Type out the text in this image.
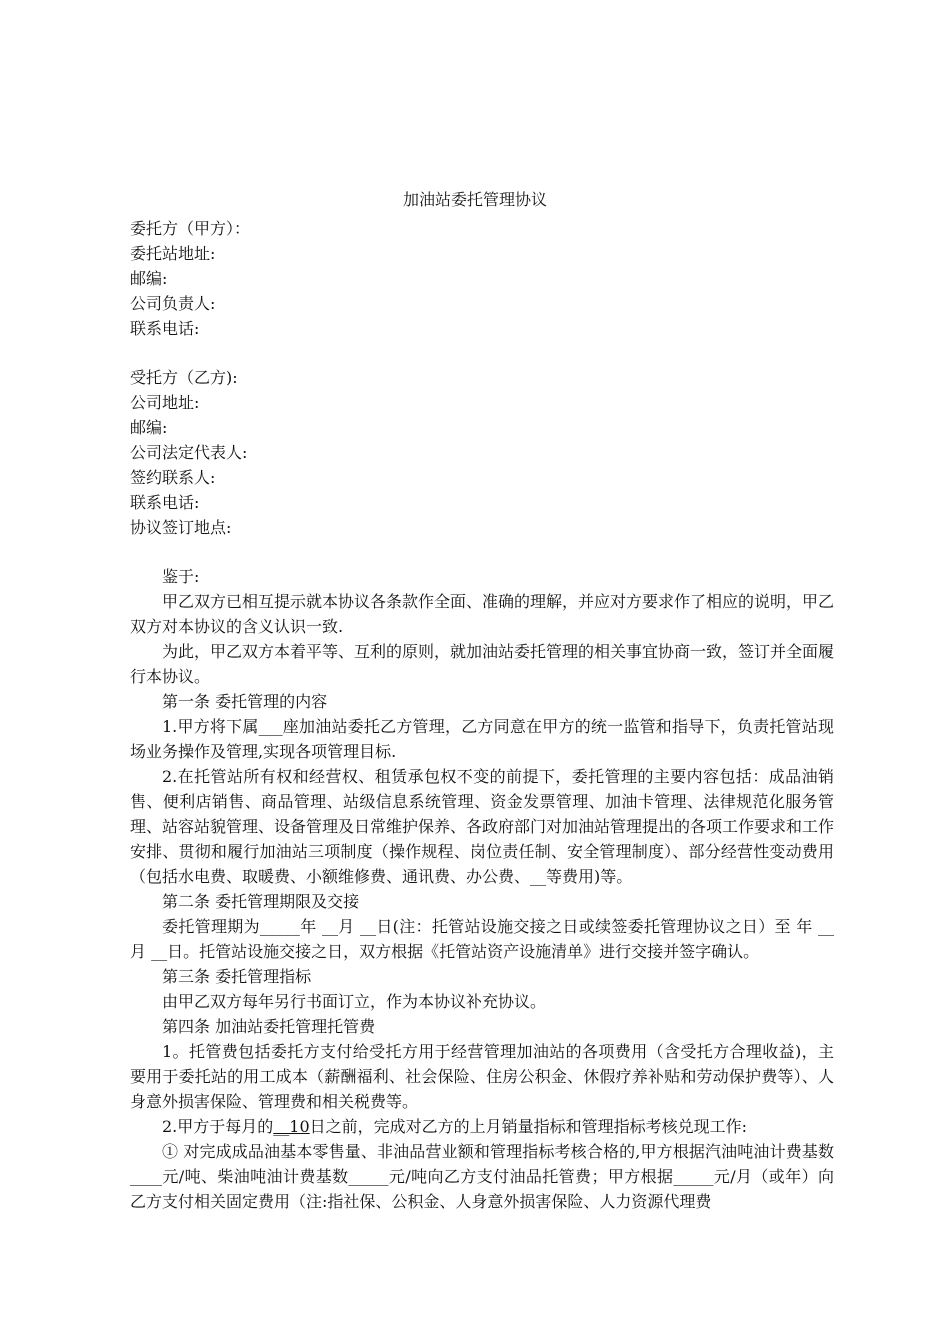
加油站委托管理协议

委托方（甲方）：

委托站地址:

邮编:

公司负责人:

联系电话:

受托方（乙方):

公司地址:

邮编:

公司法定代表人:

签约联系人:

联系电话:

协议签订地点:

鉴于:

甲乙双方已相互提示就本协议各条款作全面、准确的理解，并应对方要求作了相应的说明，甲乙双方对本协议的含义认识一致.

为此，甲乙双方本着平等、互利的原则，就加油站委托管理的相关事宜协商一致，签订并全面履行本协议。

第一条 委托管理的内容

1.甲方将下属___座加油站委托乙方管理，乙方同意在甲方的统一监管和指导下，负责托管站现场业务操作及管理,实现各项管理目标.

2.在托管站所有权和经营权、租赁承包权不变的前提下，委托管理的主要内容包括：成品油销售、便利店销售、商品管理、站级信息系统管理、资金发票管理、加油卡管理、法律规范化服务管理、站容站貌管理、设备管理及日常维护保养、各政府部门对加油站管理提出的各项工作要求和工作安排、贯彻和履行加油站三项制度（操作规程、岗位责任制、安全管理制度）、部分经营性变动费用（包括水电费、取暖费、小额维修费、通讯费、办公费、__等费用)等。

第二条 委托管理期限及交接

委托管理期为_____年 __月 __日(注：托管站设施交接之日或续签委托管理协议之日）至 年 __月 __日。托管站设施交接之日，双方根据《托管站资产设施清单》进行交接并签字确认。

第三条 委托管理指标

由甲乙双方每年另行书面订立，作为本协议补充协议。

第四条 加油站委托管理托管费

1。托管费包括委托方支付给受托方用于经营管理加油站的各项费用（含受托方合理收益)，主要用于委托站的用工成本（薪酬福利、社会保险、住房公积金、休假疗养补贴和劳动保护费等）、人身意外损害保险、管理费和相关税费等。

2.甲方于每月的__10日之前，完成对乙方的上月销量指标和管理指标考核兑现工作:

① 对完成成品油基本零售量、非油品营业额和管理指标考核合格的,甲方根据汽油吨油计费基数____元/吨、柴油吨油计费基数_____元/吨向乙方支付油品托管费；甲方根据_____元/月（或年）向乙方支付相关固定费用（注:指社保、公积金、人身意外损害保险、人力资源代理费
